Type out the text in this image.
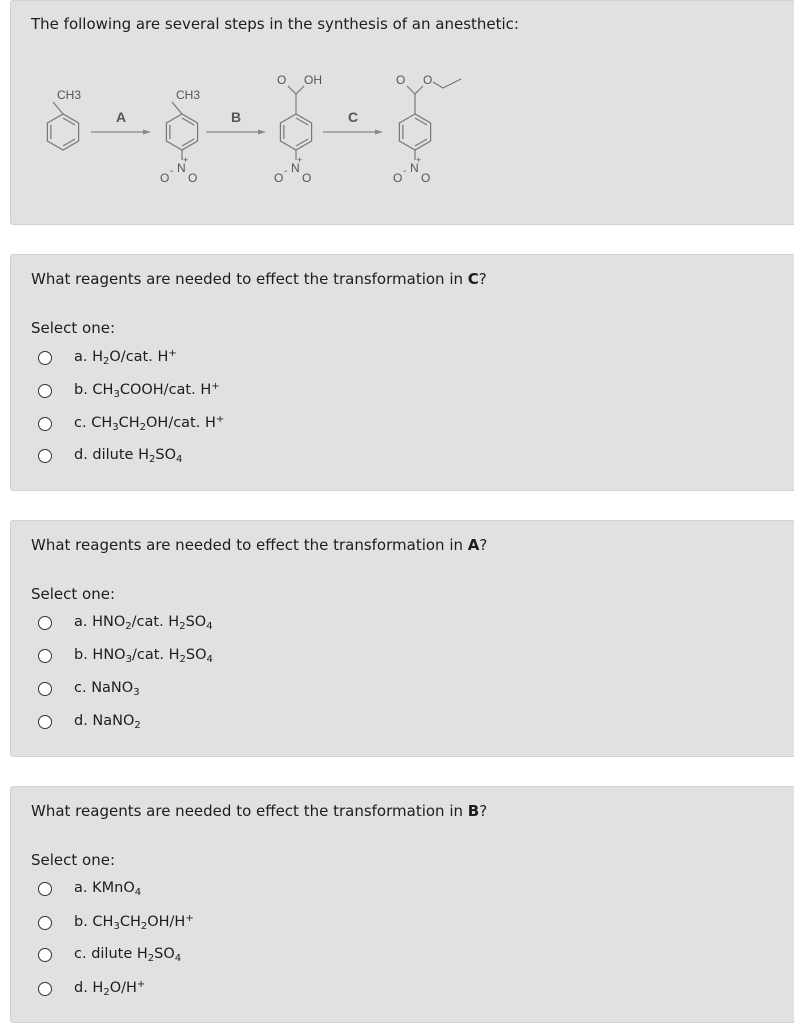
The following are several steps in the synthesis of an anesthetic:
CH3	CH3
N
+
O - O
O OH
N
+
O - O
O O
N
+
O - O
A	B	C
What reagents are needed to effect the transformation in C?
Select one:
a. $H_2O$/cat. H+
b. $CH_3COOH$/cat. H+
c. $CH_3CH_2OH$/cat. H+
d. dilute $H_2SO_4$
What reagents are needed to effect the transformation in A?
Select one:
a. $HNO_2$/cat. $H_2SO_4$
b. $HNO_3$/cat. $H_2SO_4$
c. NaNO$_3$
d. NaNO$_2$
What reagents are needed to effect the transformation in B?
Select one:
a. KMnO$_4$
b. $CH_3CH_2OH/H^+$
c. dilute $H_2SO_4$
d. $H_2O/H^+$
